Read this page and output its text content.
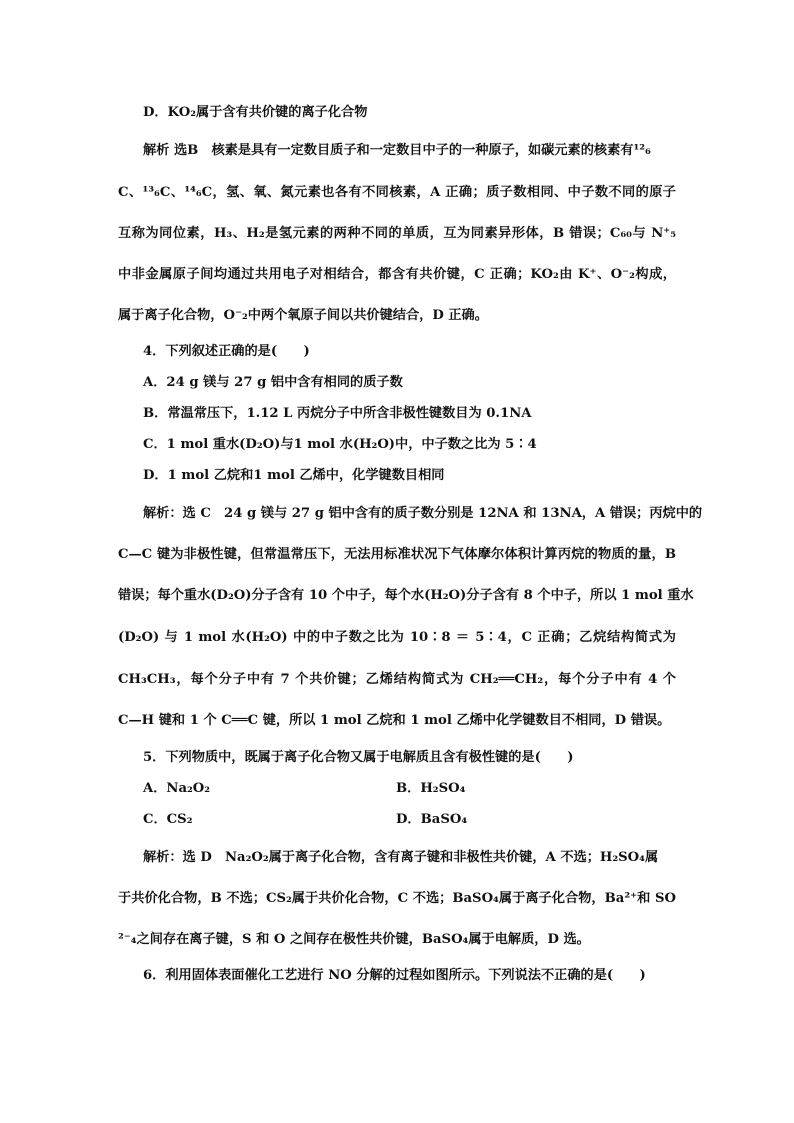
D．KO₂属于含有共价键的离子化合物
解析 选B　核素是具有一定数目质子和一定数目中子的一种原子，如碳元素的核素有¹²₆
C、¹³₆C、¹⁴₆C，氢、氧、氮元素也各有不同核素，A 正确；质子数相同、中子数不同的原子
互称为同位素，H₃、H₂是氢元素的两种不同的单质，互为同素异形体，B 错误；C₆₀与 N⁺₅
中非金属原子间均通过共用电子对相结合，都含有共价键，C 正确；KO₂由 K⁺、O⁻₂构成，
属于离子化合物，O⁻₂中两个氧原子间以共价键结合，D 正确。
4．下列叙述正确的是(　　)
A．24 g 镁与 27 g 铝中含有相同的质子数
B．常温常压下，1.12 L 丙烷分子中所含非极性键数目为 0.1NA
C．1 mol 重水(D₂O)与1 mol 水(H₂O)中，中子数之比为 5∶4
D．1 mol 乙烷和1 mol 乙烯中，化学键数目相同
解析：选 C　24 g 镁与 27 g 铝中含有的质子数分别是 12NA 和 13NA，A 错误；丙烷中的
C—C 键为非极性键，但常温常压下，无法用标准状况下气体摩尔体积计算丙烷的物质的量，B
错误；每个重水(D₂O)分子含有 10 个中子，每个水(H₂O)分子含有 8 个中子，所以 1 mol 重水
(D₂O) 与 1 mol 水(H₂O) 中的中子数之比为 10∶8 ＝ 5∶4，C 正确；乙烷结构简式为
CH₃CH₃，每个分子中有 7 个共价键；乙烯结构简式为 CH₂══CH₂，每个分子中有 4 个
C—H 键和 1 个 C══C 键，所以 1 mol 乙烷和 1 mol 乙烯中化学键数目不相同，D 错误。
5．下列物质中，既属于离子化合物又属于电解质且含有极性键的是(　　)
A．Na₂O₂	B．H₂SO₄
C．CS₂	D．BaSO₄
解析：选 D　Na₂O₂属于离子化合物，含有离子键和非极性共价键，A 不选；H₂SO₄属
于共价化合物，B 不选；CS₂属于共价化合物，C 不选；BaSO₄属于离子化合物，Ba²⁺和 SO
²⁻₄之间存在离子键，S 和 O 之间存在极性共价键，BaSO₄属于电解质，D 选。
6．利用固体表面催化工艺进行 NO 分解的过程如图所示。下列说法不正确的是(　　)
